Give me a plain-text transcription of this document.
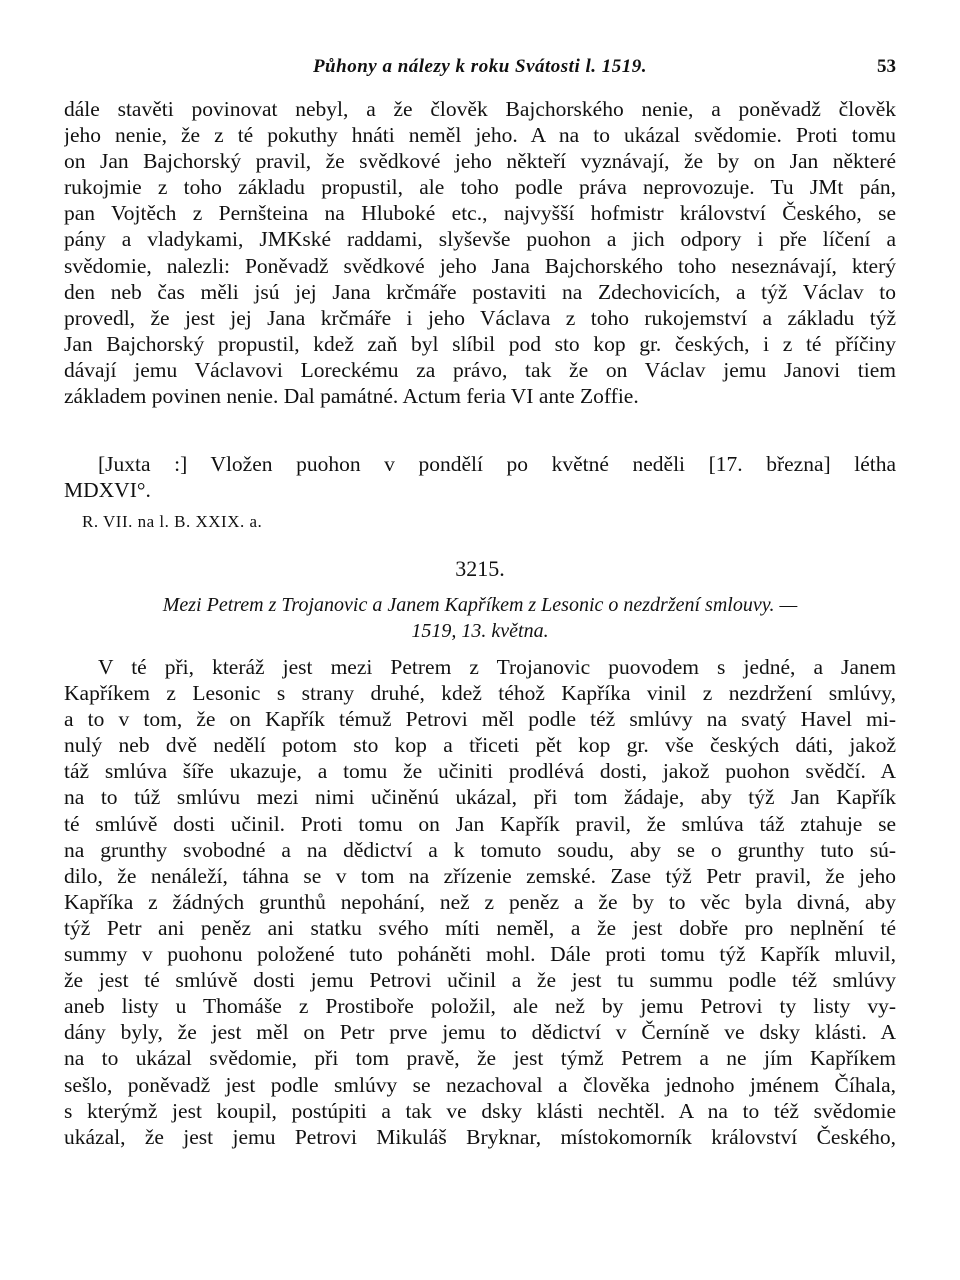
Půhony a nálezy k roku Svátosti l. 1519.	53
dále stavěti povinovat nebyl, a že člověk Bajchorského nenie, a poněvadž člověk
jeho nenie, že z té pokuthy hnáti neměl jeho. A na to ukázal svědomie. Proti tomu
on Jan Bajchorský pravil, že svědkové jeho někteří vyznávají, že by on Jan některé
rukojmie z toho základu propustil, ale toho podle práva neprovozuje. Tu JMt pán,
pan Vojtěch z Pernšteina na Hluboké etc., najvyšší hofmistr království Českého, se
pány a vladykami, JMKské raddami, slyševše puohon a jich odpory i pře líčení a
svědomie, nalezli: Poněvadž svědkové jeho Jana Bajchorského toho neseznávají, který
den neb čas měli jsú jej Jana krčmáře postaviti na Zdechovicích, a týž Václav to
provedl, že jest jej Jana krčmáře i jeho Václava z toho rukojemství a základu týž
Jan Bajchorský propustil, kdež zaň byl slíbil pod sto kop gr. českých, i z té příčiny
dávají jemu Václavovi Loreckému za právo, tak že on Václav jemu Janovi tiem
základem povinen nenie. Dal památné. Actum feria VI ante Zoffie.
[Juxta :] Vložen puohon v pondělí po květné neděli [17. března] létha
MDXVI°.
R. VII. na l. B. XXIX. a.
3215.
Mezi Petrem z Trojanovic a Janem Kapříkem z Lesonic o nezdržení smlouvy. —
1519, 13. května.
V té při, kteráž jest mezi Petrem z Trojanovic puovodem s jedné, a Janem
Kapříkem z Lesonic s strany druhé, kdež téhož Kapříka vinil z nezdržení smlúvy,
a to v tom, že on Kapřík témuž Petrovi měl podle též smlúvy na svatý Havel mi-
nulý neb dvě nedělí potom sto kop a třiceti pět kop gr. vše českých dáti, jakož
táž smlúva šíře ukazuje, a tomu že učiniti prodlévá dosti, jakož puohon svědčí. A
na to túž smlúvu mezi nimi učiněnú ukázal, při tom žádaje, aby týž Jan Kapřík
té smlúvě dosti učinil. Proti tomu on Jan Kapřík pravil, že smlúva táž ztahuje se
na grunthy svobodné a na dědictví a k tomuto soudu, aby se o grunthy tuto sú-
dilo, že nenáleží, táhna se v tom na zřízenie zemské. Zase týž Petr pravil, že jeho
Kapříka z žádných grunthů nepohání, než z peněz a že by to věc byla divná, aby
týž Petr ani peněz ani statku svého míti neměl, a že jest dobře pro neplnění té
summy v puohonu položené tuto poháněti mohl. Dále proti tomu týž Kapřík mluvil,
že jest té smlúvě dosti jemu Petrovi učinil a že jest tu summu podle též smlúvy
aneb listy u Thomáše z Prostiboře položil, ale než by jemu Petrovi ty listy vy-
dány byly, že jest měl on Petr prve jemu to dědictví v Černíně ve dsky klásti. A
na to ukázal svědomie, při tom pravě, že jest týmž Petrem a ne jím Kapříkem
sešlo, poněvadž jest podle smlúvy se nezachoval a člověka jednoho jménem Číhala,
s kterýmž jest koupil, postúpiti a tak ve dsky klásti nechtěl. A na to též svědomie
ukázal, že jest jemu Petrovi Mikuláš Bryknar, místokomorník království Českého,
